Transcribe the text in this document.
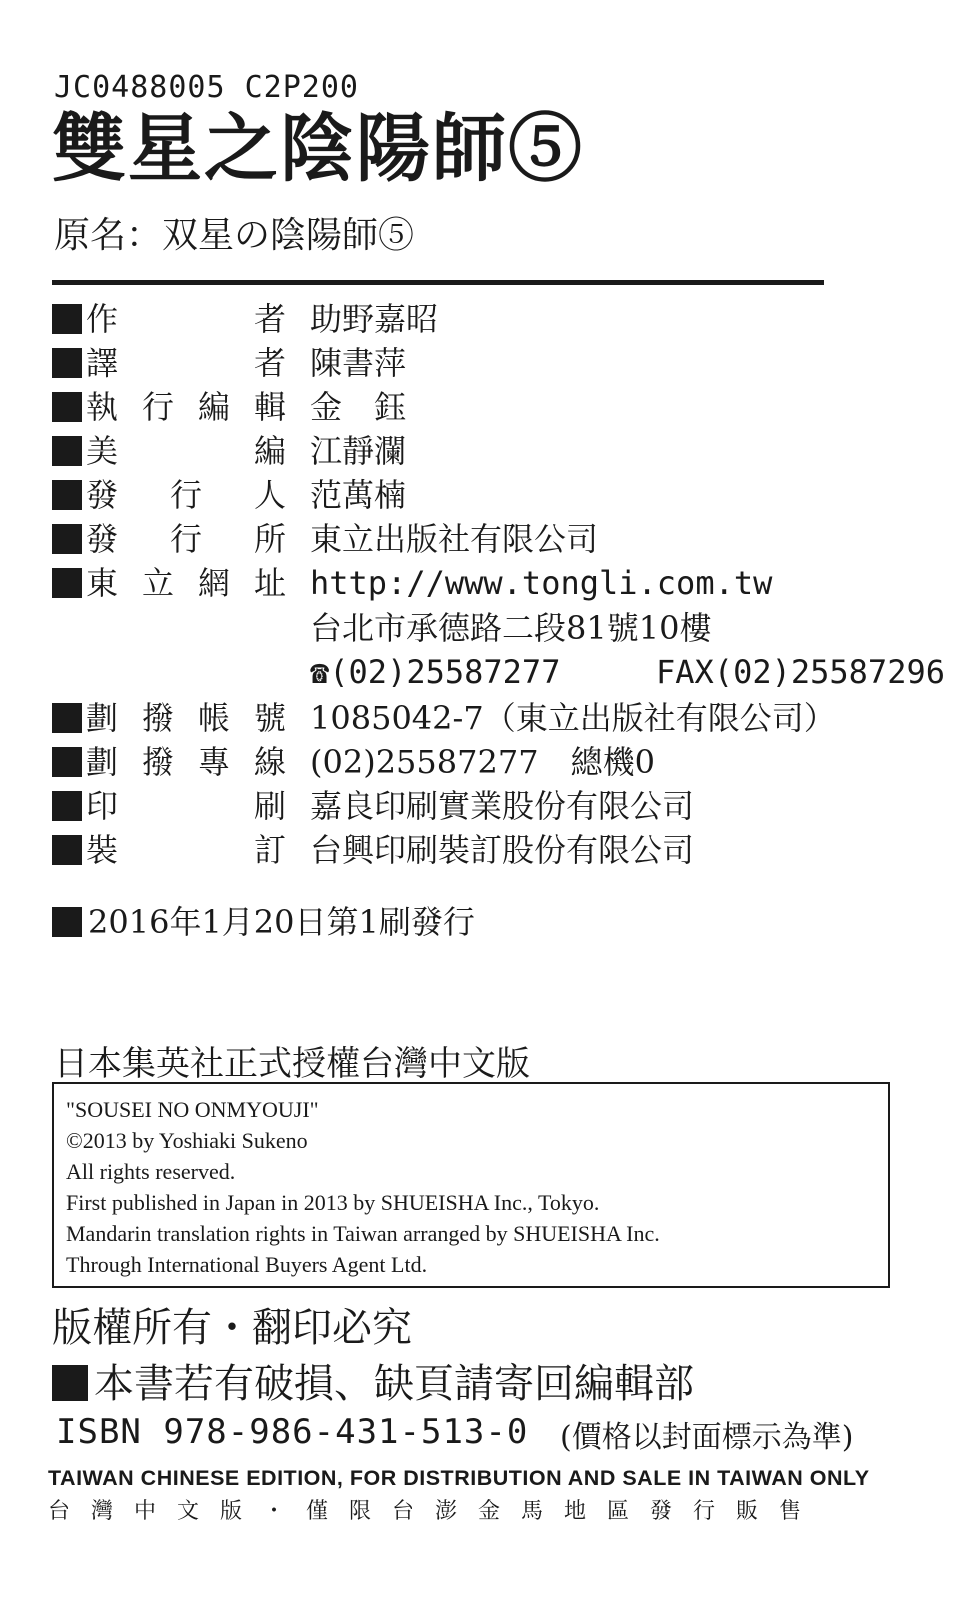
JC0488005 C2P200
雙星之陰陽師⑤
原名：双星の陰陽師⑤
作者 助野嘉昭
譯者 陳書萍
執行編輯 金　鈺
美編 江靜瀾
發行人 范萬楠
發行所 東立出版社有限公司
東立網址 http://www.tongli.com.tw
台北市承德路二段81號10樓
☎(02)25587277	FAX(02)25587296
劃撥帳號 1085042-7（東立出版社有限公司）
劃撥專線 (02)25587277　總機0
印刷 嘉良印刷實業股份有限公司
裝訂 台興印刷裝訂股份有限公司
2016年1月20日第1刷發行
日本集英社正式授權台灣中文版
"SOUSEI NO ONMYOUJI"
©2013 by Yoshiaki Sukeno
All rights reserved.
First published in Japan in 2013 by SHUEISHA Inc., Tokyo.
Mandarin translation rights in Taiwan arranged by SHUEISHA Inc.
Through International Buyers Agent Ltd.
版權所有・翻印必究
本書若有破損、缺頁請寄回編輯部
ISBN 978-986-431-513-0 (價格以封面標示為準)
TAIWAN CHINESE EDITION, FOR DISTRIBUTION AND SALE IN TAIWAN ONLY
台灣中文版・僅限台澎金馬地區發行販售
